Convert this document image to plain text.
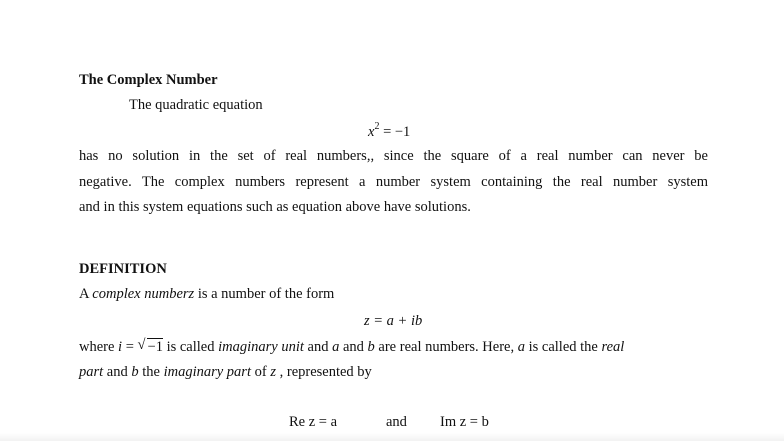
The Complex Number
The quadratic equation
$x^2 = -1$
has no solution in the set of real numbers,, since the square of a real number can never be
negative. The complex numbers represent a number system containing the real number system
and in this system equations such as equation above have solutions.
DEFINITION
A complex numberz is a number of the form
z = a + ib
where i = √ −1 is called imaginary unit and a and b are real numbers. Here, a is called the real
part and b the imaginary part of z , represented by
Re z = a	and Im z = b
